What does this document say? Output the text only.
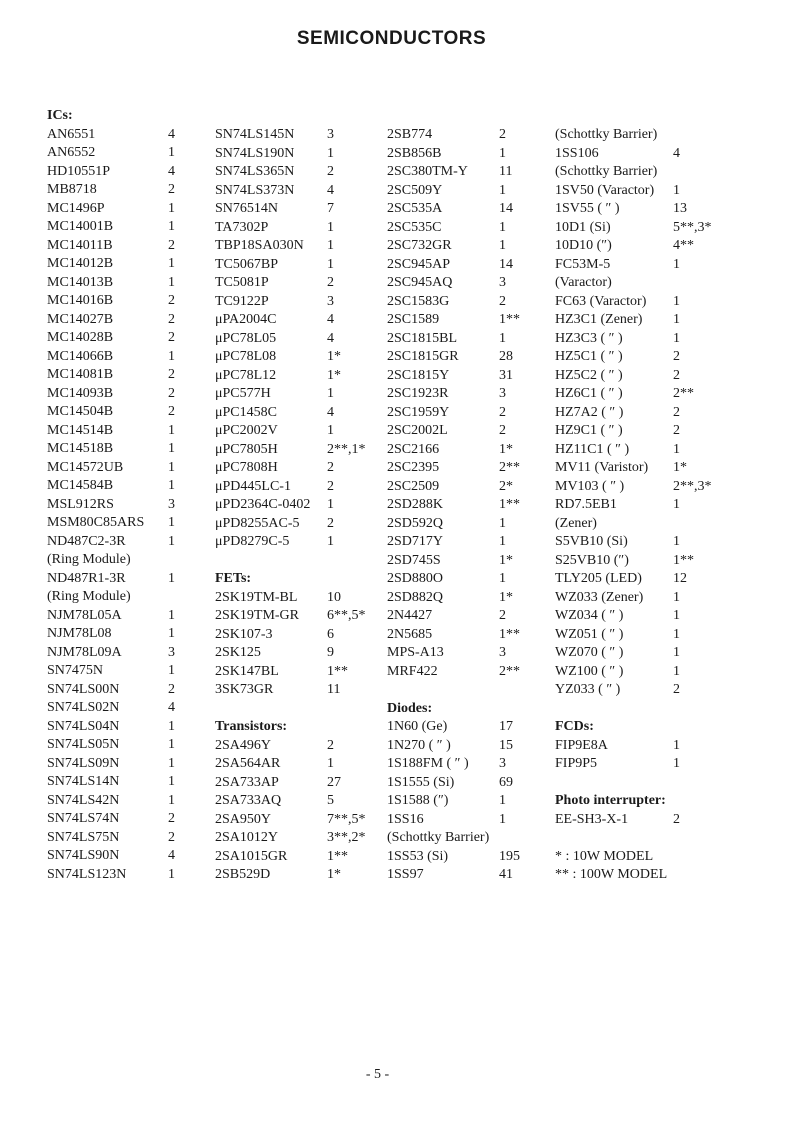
SEMICONDUCTORS
ICs:
AN6551	4
AN6552	1
HD10551P	4
MB8718	2
MC1496P	1
MC14001B	1
MC14011B	2
MC14012B	1
MC14013B	1
MC14016B	2
MC14027B	2
MC14028B	2
MC14066B	1
MC14081B	2
MC14093B	2
MC14504B	2
MC14514B	1
MC14518B	1
MC14572UB	1
MC14584B	1
MSL912RS	3
MSM80C85ARS 1
ND487C2-3R	1
(Ring Module)
ND487R1-3R	1
(Ring Module)
NJM78L05A	1
NJM78L08	1
NJM78L09A	3
SN7475N	1
SN74LS00N	2
SN74LS02N	4
SN74LS04N	1
SN74LS05N	1
SN74LS09N	1
SN74LS14N	1
SN74LS42N	1
SN74LS74N	2
SN74LS75N	2
SN74LS90N	4
SN74LS123N	1
SN74LS145N 3
SN74LS190N 1
SN74LS365N 2
SN74LS373N 4
SN76514N	7
TA7302P	1
TBP18SA030N 1
TC5067BP	1
TC5081P	2
TC9122P	3
μPA2004C	4
μPC78L05	4
μPC78L08	1*
μPC78L12	1*
μPC577H	1
μPC1458C	4
μPC2002V	1
μPC7805H	2**,1*
μPC7808H	2
μPD445LC-1	2
μPD2364C-0402 1
μPD8255AC-5 2
μPD8279C-5	1
FETs:
2SK19TM-BL 10
2SK19TM-GR 6**,5*
2SK107-3	6
2SK125	9
2SK147BL	1**
3SK73GR	11
Transistors:
2SA496Y	2
2SA564AR	1
2SA733AP	27
2SA733AQ	5
2SA950Y	7**,5*
2SA1012Y	3**,2*
2SA1015GR	1**
2SB529D	1*
2SB774	2
2SB856B	1
2SC380TM-Y 11
2SC509Y	1
2SC535A	14
2SC535C	1
2SC732GR	1
2SC945AP	14
2SC945AQ	3
2SC1583G	2
2SC1589	1**
2SC1815BL	1
2SC1815GR	28
2SC1815Y	31
2SC1923R	3
2SC1959Y	2
2SC2002L	2
2SC2166	1*
2SC2395	2**
2SC2509	2*
2SD288K	1**
2SD592Q	1
2SD717Y	1
2SD745S	1*
2SD880O	1
2SD882Q	1*
2N4427	2
2N5685	1**
MPS-A13	3
MRF422	2**
Diodes:
1N60 (Ge)	17
1N270 ( ″ )	15
1S188FM ( ″ ) 3
1S1555 (Si)	69
1S1588 (″)	1
1SS16	1
(Schottky Barrier)
1SS53 (Si)	195
1SS97	41
(Schottky Barrier)
1SS106	4
(Schottky Barrier)
1SV50 (Varactor) 1
1SV55 ( ″ )	13
10D1 (Si)	5**,3*
10D10 (″)	4**
FC53M-5	1
(Varactor)
FC63 (Varactor) 1
HZ3C1 (Zener) 1
HZ3C3 ( ″ )	1
HZ5C1 ( ″ )	2
HZ5C2 ( ″ )	2
HZ6C1 ( ″ )	2**
HZ7A2 ( ″ )	2
HZ9C1 ( ″ )	2
HZ11C1 ( ″ )	1
MV11 (Varistor) 1*
MV103 ( ″ )	2**,3*
RD7.5EB1	1
(Zener)
S5VB10 (Si)	1
S25VB10 (″)	1**
TLY205 (LED) 12
WZ033 (Zener) 1
WZ034 ( ″ )	1
WZ051 ( ″ )	1
WZ070 ( ″ )	1
WZ100 ( ″ )	1
YZ033 ( ″ )	2
FCDs:
FIP9E8A	1
FIP9P5	1
Photo interrupter:
EE-SH3-X-1	2
* : 10W MODEL
** : 100W MODEL
- 5 -
